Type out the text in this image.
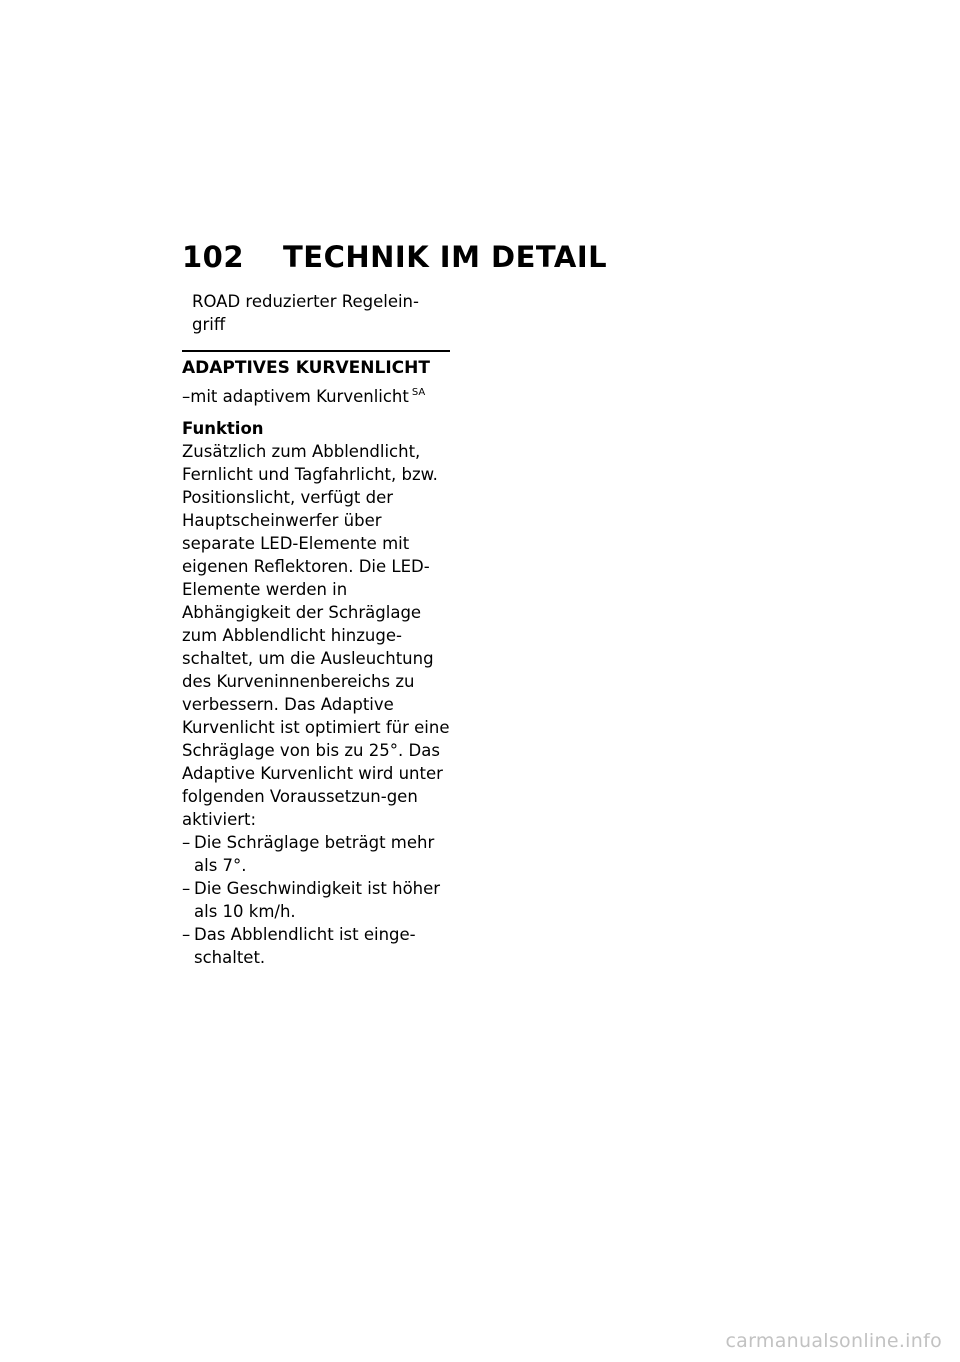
102 TECHNIK IM DETAIL

ROAD reduzierter Regelein-
griff

ADAPTIVES KURVENLICHT
–mit adaptivem Kurvenlicht $^{SA}$
Funktion

Zusätzlich zum Abblendlicht, Fernlicht und Tagfahrlicht, bzw. Positionslicht, verfügt der Hauptscheinwerfer über separate LED-Elemente mit eigenen Reflektoren. Die LED-Elemente werden in Abhängigkeit der Schräglage zum Abblendlicht hinzuge-schaltet, um die Ausleuchtung des Kurveninnenbereichs zu verbessern. Das Adaptive Kurvenlicht ist optimiert für eine Schräglage von bis zu 25°. Das Adaptive Kurvenlicht wird unter folgenden Voraussetzun-gen aktiviert:

– Die Schräglage beträgt mehr als 7°.
– Die Geschwindigkeit ist höher als 10 km/h.
– Das Abblendlicht ist einge-schaltet.
carmanualsonline.info
